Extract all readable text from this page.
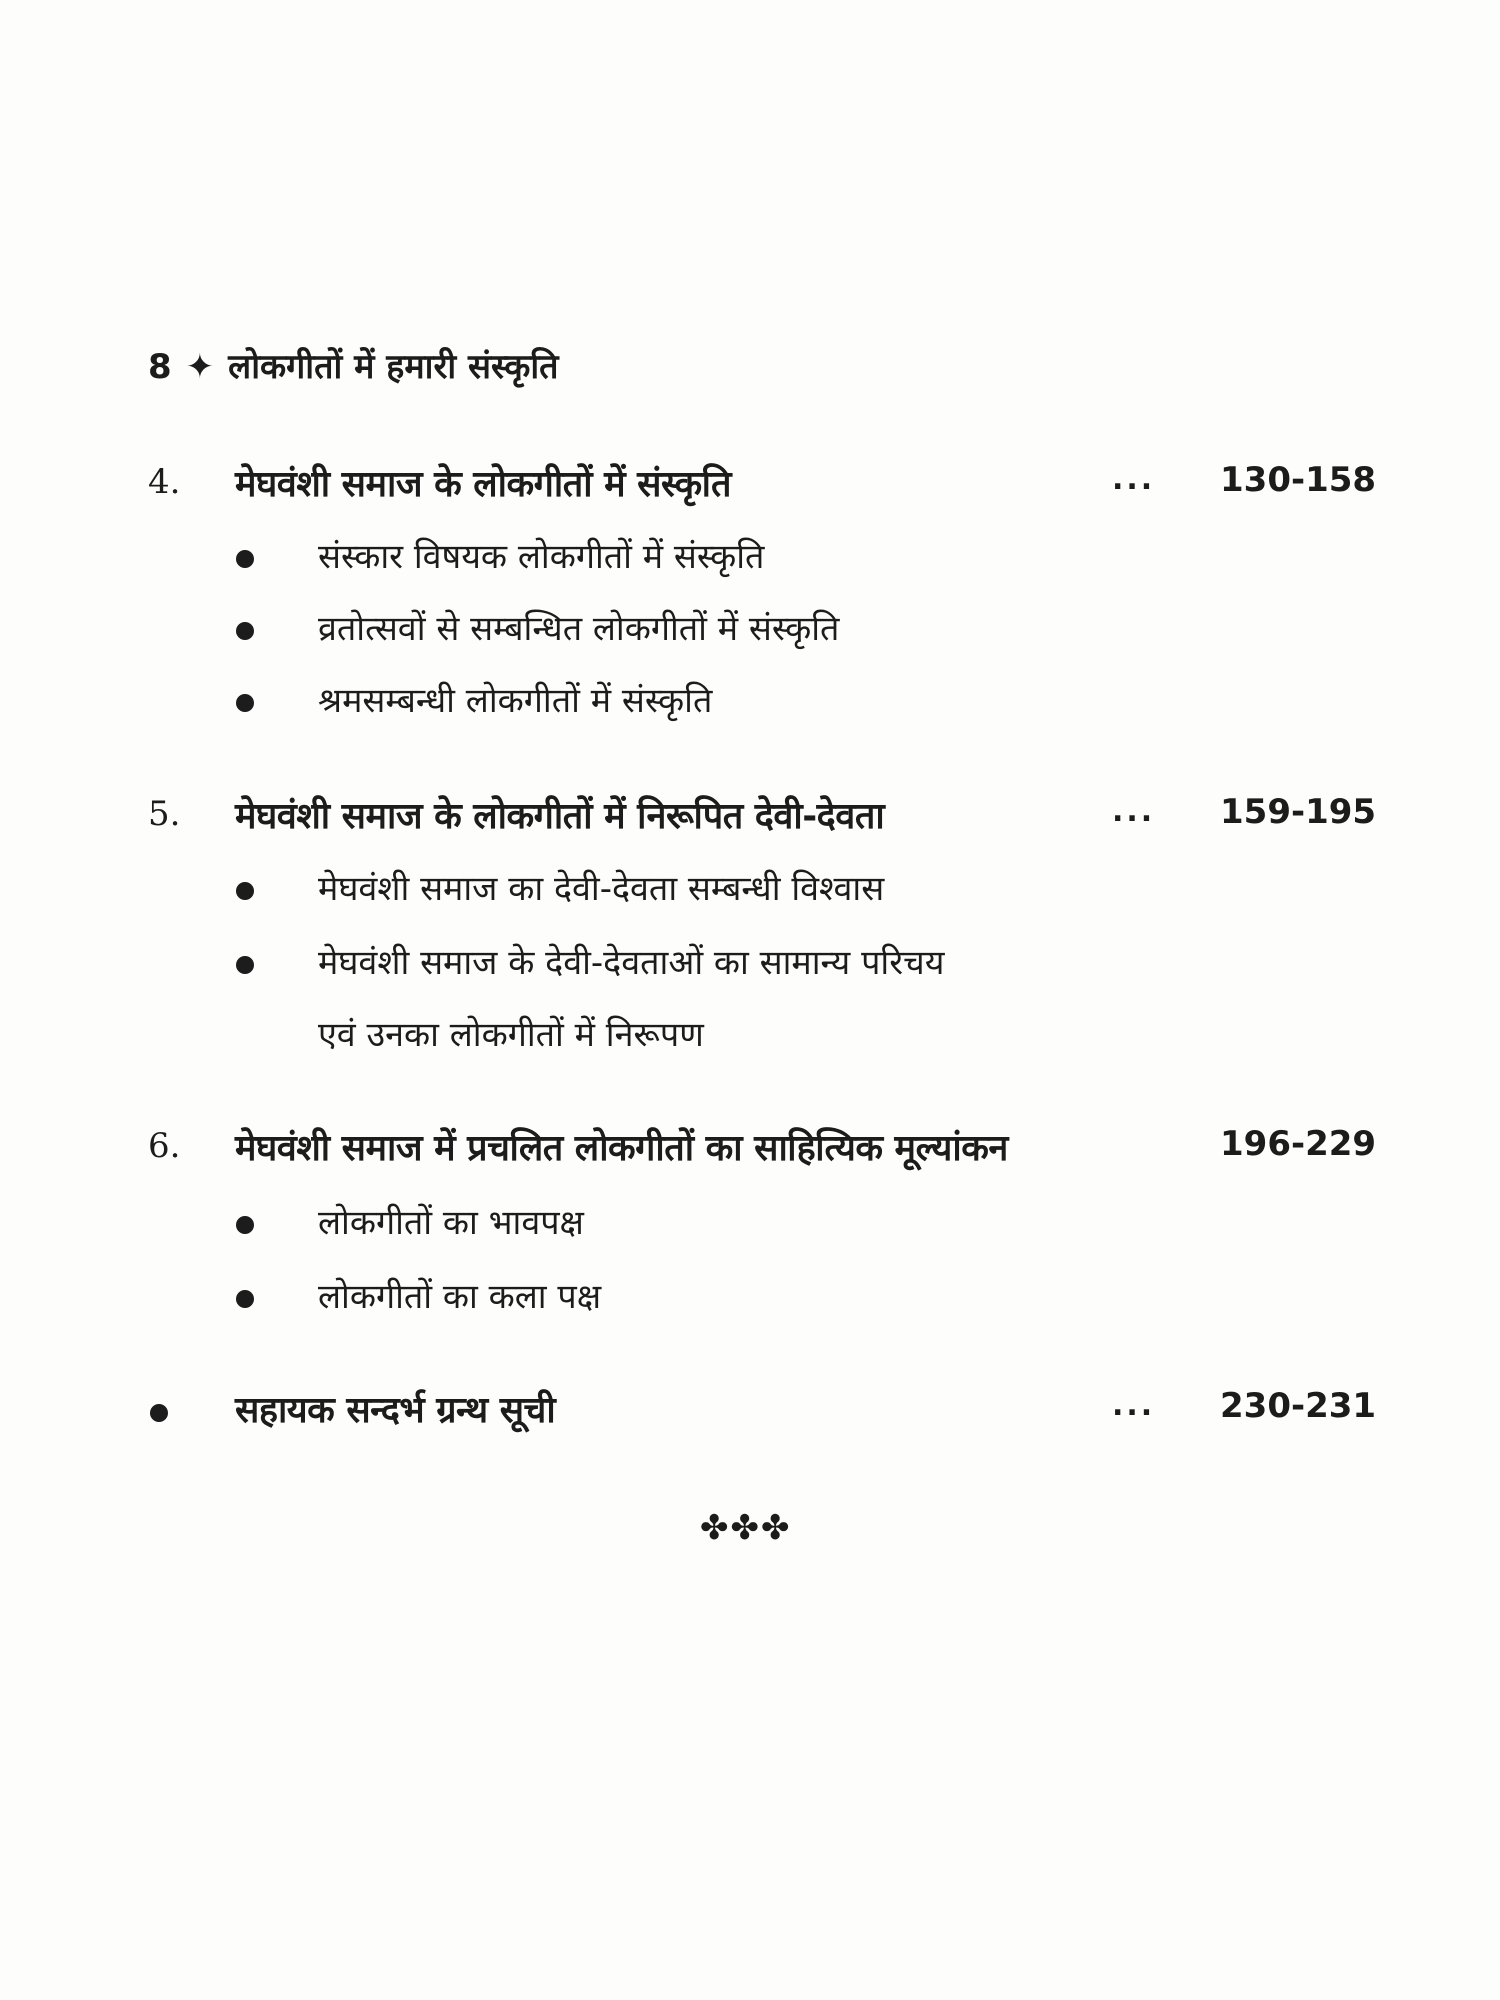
8 ✦ लोकगीतों में हमारी संस्कृति
4. मेघवंशी समाज के लोकगीतों में संस्कृति	... 130-158
संस्कार विषयक लोकगीतों में संस्कृति
व्रतोत्सवों से सम्बन्धित लोकगीतों में संस्कृति
श्रमसम्बन्धी लोकगीतों में संस्कृति
5. मेघवंशी समाज के लोकगीतों में निरूपित देवी-देवता	... 159-195
मेघवंशी समाज का देवी-देवता सम्बन्धी विश्वास
मेघवंशी समाज के देवी-देवताओं का सामान्य परिचय
एवं उनका लोकगीतों में निरूपण
6. मेघवंशी समाज में प्रचलित लोकगीतों का साहित्यिक मूल्यांकन	196-229
लोकगीतों का भावपक्ष
लोकगीतों का कला पक्ष
सहायक सन्दर्भ ग्रन्थ सूची	... 230-231
✤✤✤
